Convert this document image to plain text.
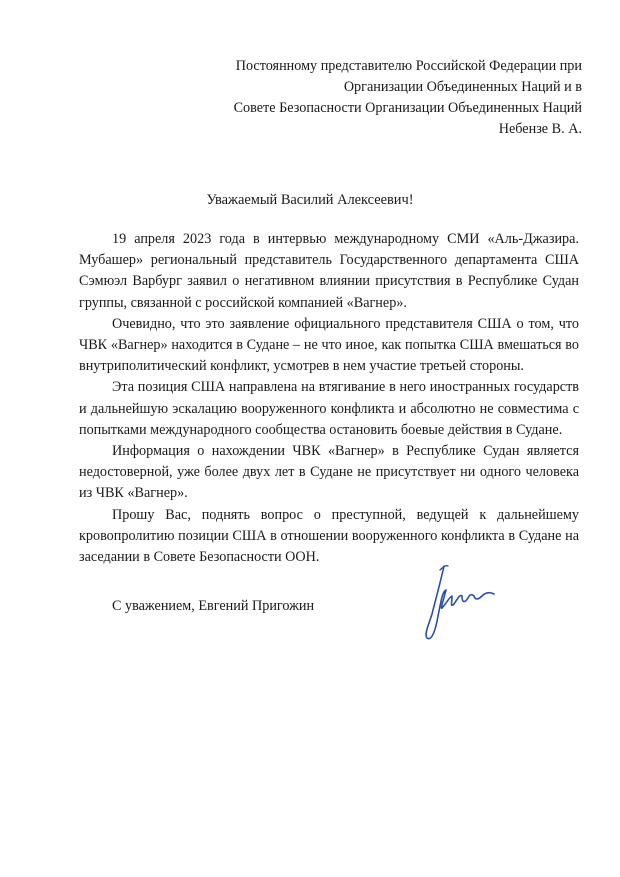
Постоянному представителю Российской Федерации при
Организации Объединенных Наций и в
Совете Безопасности Организации Объединенных Наций
Небензе В. А.
Уважаемый Василий Алексеевич!

19 апреля 2023 года в интервью международному СМИ «Аль-Джазира. Мубашер» региональный представитель Государственного департамента США Сэмюэл Варбург заявил о негативном влиянии присутствия в Республике Судан группы, связанной с российской компанией «Вагнер».

Очевидно, что это заявление официального представителя США о том, что ЧВК «Вагнер» находится в Судане – не что иное, как попытка США вмешаться во внутриполитический конфликт, усмотрев в нем участие третьей стороны.

Эта позиция США направлена на втягивание в него иностранных государств и дальнейшую эскалацию вооруженного конфликта и абсолютно не совместима с попытками международного сообщества остановить боевые действия в Судане.

Информация о нахождении ЧВК «Вагнер» в Республике Судан является недостоверной, уже более двух лет в Судане не присутствует ни одного человека из ЧВК «Вагнер».

Прошу Вас, поднять вопрос о преступной, ведущей к дальнейшему кровопролитию позиции США в отношении вооруженного конфликта в Судане на заседании в Совете Безопасности ООН.

С уважением, Евгений Пригожин
